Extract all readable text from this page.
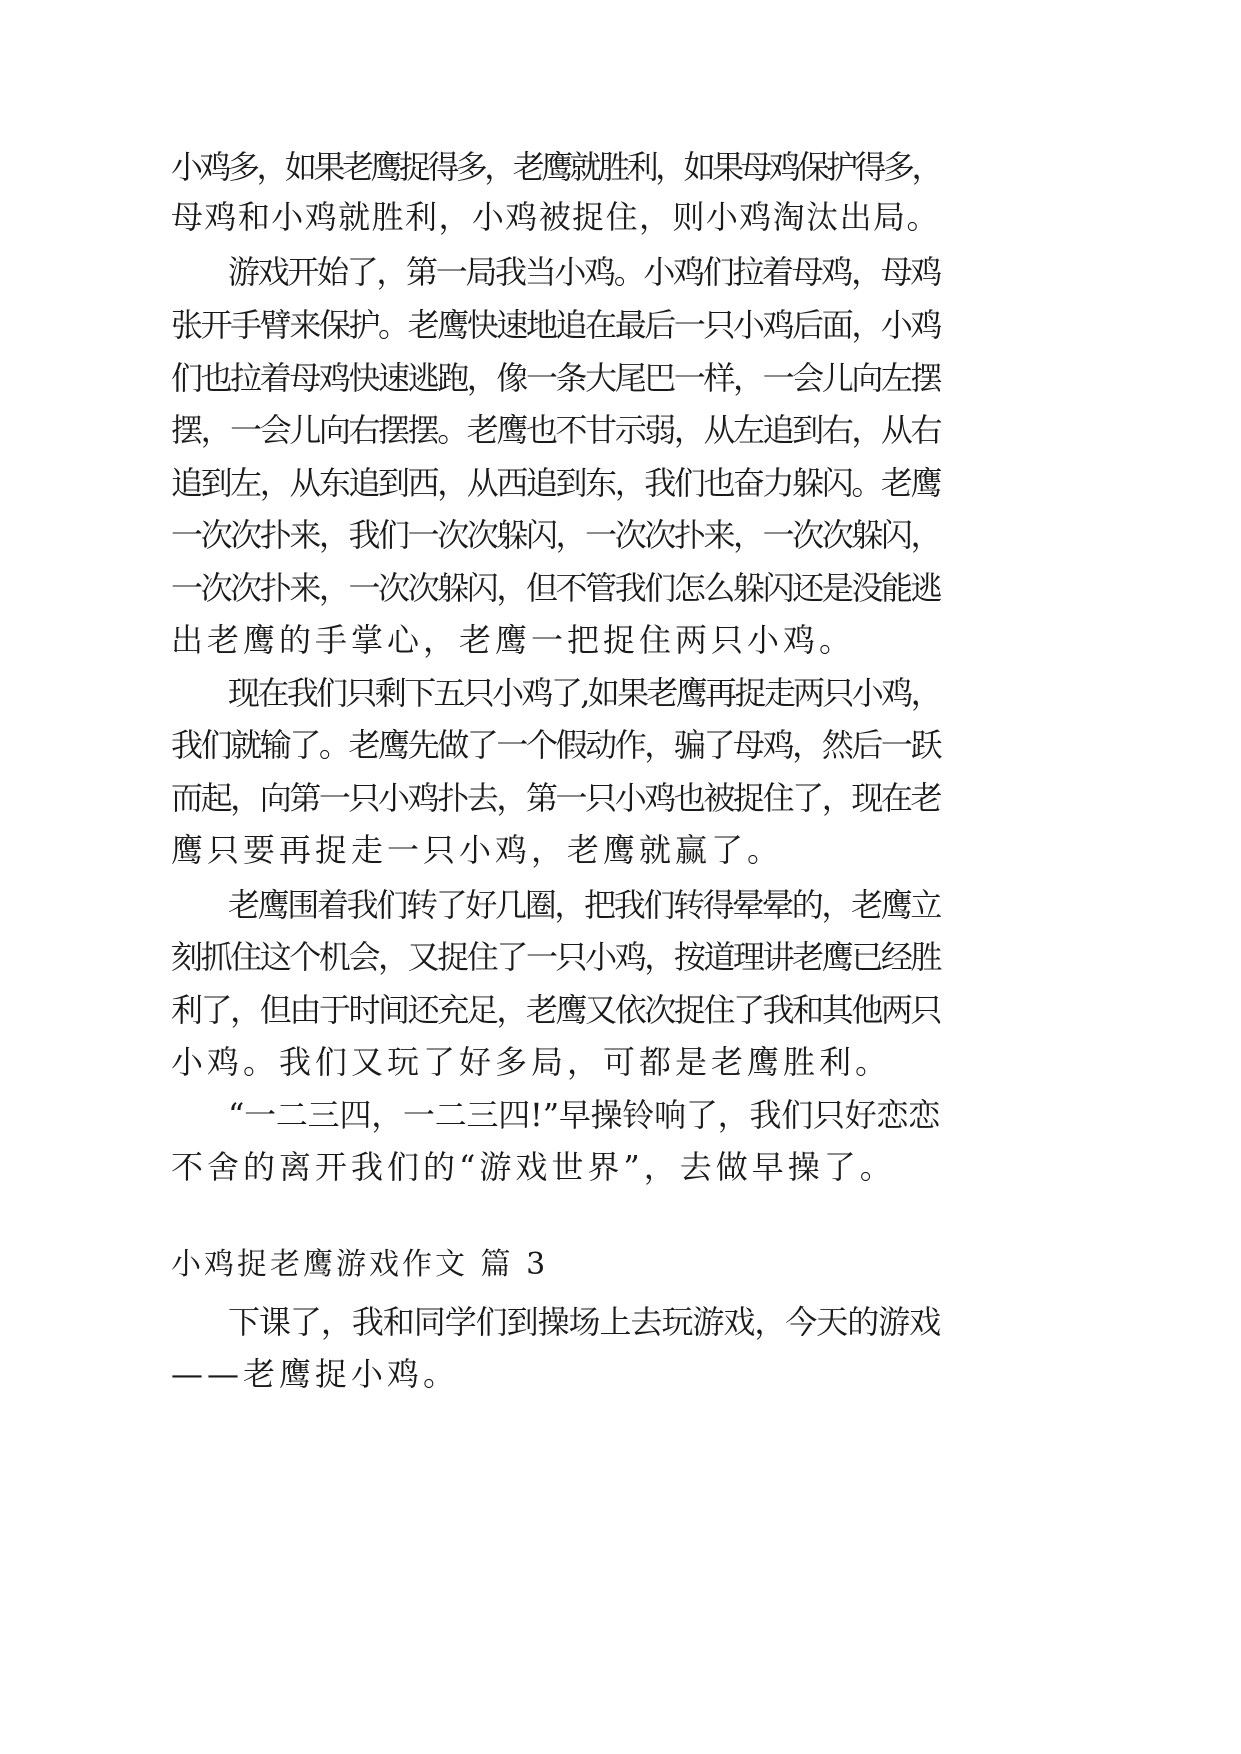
小鸡多，如果老鹰捉得多，老鹰就胜利，如果母鸡保护得多，
母鸡和小鸡就胜利，小鸡被捉住，则小鸡淘汰出局。
游戏开始了，第一局我当小鸡。小鸡们拉着母鸡，母鸡
张开手臂来保护。老鹰快速地追在最后一只小鸡后面，小鸡
们也拉着母鸡快速逃跑，像一条大尾巴一样，一会儿向左摆
摆，一会儿向右摆摆。老鹰也不甘示弱，从左追到右，从右
追到左，从东追到西，从西追到东，我们也奋力躲闪。老鹰
一次次扑来，我们一次次躲闪，一次次扑来，一次次躲闪，
一次次扑来，一次次躲闪，但不管我们怎么躲闪还是没能逃
出老鹰的手掌心，老鹰一把捉住两只小鸡。
现在我们只剩下五只小鸡了,如果老鹰再捉走两只小鸡，
我们就输了。老鹰先做了一个假动作，骗了母鸡，然后一跃
而起，向第一只小鸡扑去，第一只小鸡也被捉住了，现在老
鹰只要再捉走一只小鸡，老鹰就赢了。
老鹰围着我们转了好几圈，把我们转得晕晕的，老鹰立
刻抓住这个机会，又捉住了一只小鸡，按道理讲老鹰已经胜
利了，但由于时间还充足，老鹰又依次捉住了我和其他两只
小鸡。我们又玩了好多局，可都是老鹰胜利。
“一二三四，一二三四!”早操铃响了，我们只好恋恋
不舍的离开我们的“游戏世界”，去做早操了。
小鸡捉老鹰游戏作文 篇 3
下课了，我和同学们到操场上去玩游戏，今天的游戏
——老鹰捉小鸡。
